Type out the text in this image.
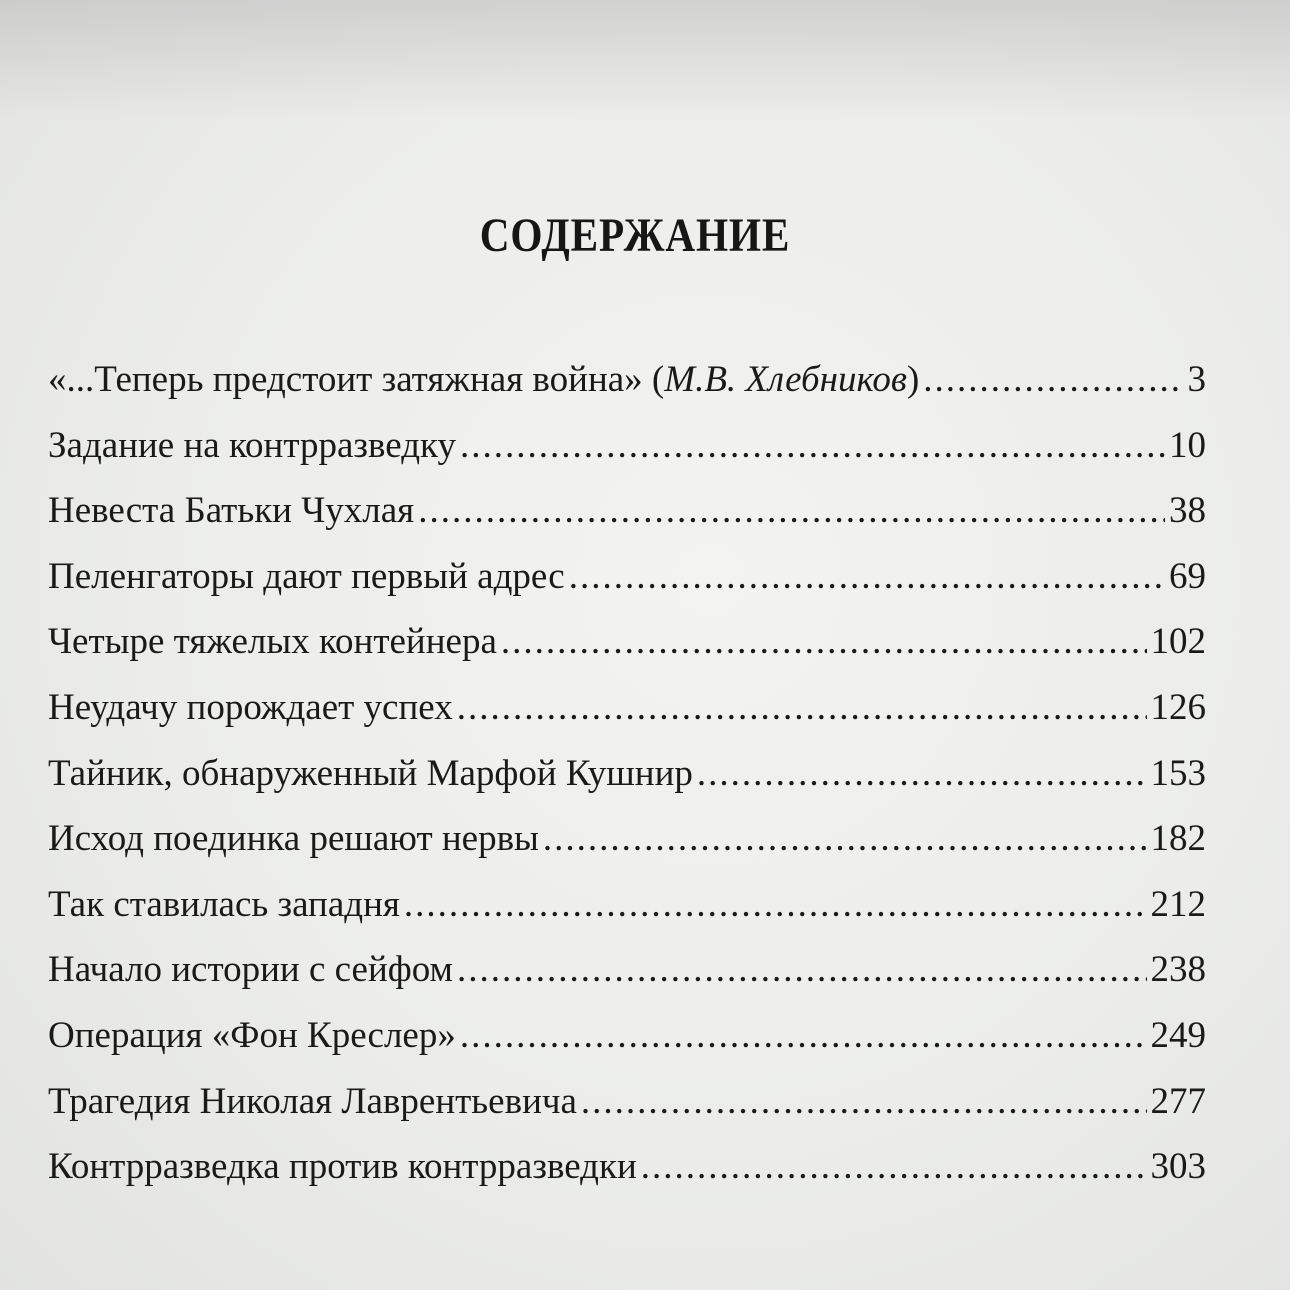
СОДЕРЖАНИЕ
«...Теперь предстоит затяжная война» (М.В. Хлебников) .....	3
Задание на контрразведку .....	10
Невеста Батьки Чухлая .....	38
Пеленгаторы дают первый адрес .....	69
Четыре тяжелых контейнера .....	102
Неудачу порождает успех .....	126
Тайник, обнаруженный Марфой Кушнир .....	153
Исход поединка решают нервы .....	182
Так ставилась западня .....	212
Начало истории с сейфом .....	238
Операция «Фон Креслер» .....	249
Трагедия Николая Лаврентьевича .....	277
Контрразведка против контрразведки .....	303
